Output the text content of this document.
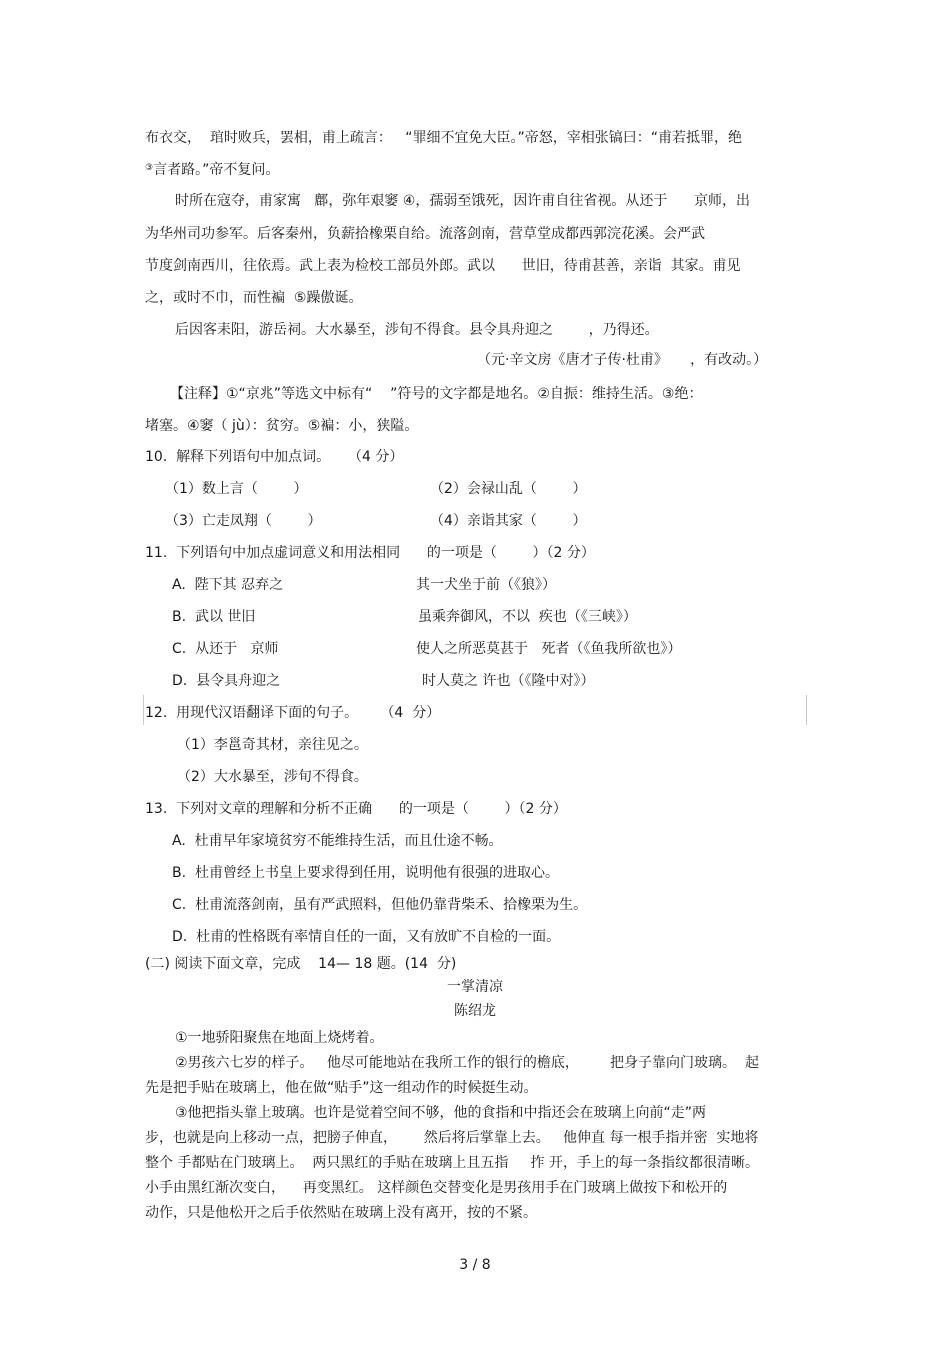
布衣交，  琯时败兵，罢相，甫上疏言：   “罪细不宜免大臣。”帝怒，宰相张镐曰：“甫若抵罪，绝
③言者路。”帝不复问。
时所在寇夺，甫家寓   鄜，弥年艰窭 ④，孺弱至饿死，因许甫自往省视。从还于      京师，出
为华州司功参军。后客秦州，负薪拾橡栗自给。流落剑南，营草堂成都西郭浣花溪。会严武
节度剑南西川，往依焉。武上表为检校工部员外郎。武以      世旧，待甫甚善，亲诣  其家。甫见
之，或时不巾，而性褊  ⑤躁傲诞。
后因客耒阳，游岳祠。大水暴至，涉旬不得食。县令具舟迎之        ，乃得还。
（元·辛文房《唐才子传·杜甫》     ，有改动。）
【注释】①“京兆”等选文中标有“    ”符号的文字都是地名。②自振：维持生活。③绝：
堵塞。④窭（ jù）：贫穷。⑤褊：小，狭隘。
10.  解释下列语句中加点词。    （4 分）
（1）数上言（        ）	（2）会禄山乱（        ）
（3）亡走凤翔（        ）	（4）亲诣其家（        ）
11.  下列语句中加点虚词意义和用法相同      的一项是（        ）（2 分）
A.  陛下其 忍弃之	其一犬坐于前（《狼》）
B.  武以 世旧	虽乘奔御风，不以  疾也（《三峡》）
C.  从还于   京师	使人之所恶莫甚于   死者（《鱼我所欲也》）
D.  县令具舟迎之	时人莫之 许也（《隆中对》）
12.  用现代汉语翻译下面的句子。     （4  分）
（1）李邕奇其材，亲往见之。
（2）大水暴至，涉旬不得食。
13.  下列对文章的理解和分析不正确      的一项是（        ）（2 分）
A.  杜甫早年家境贫穷不能维持生活，而且仕途不畅。
B.  杜甫曾经上书皇上要求得到任用，说明他有很强的进取心。
C.  杜甫流落剑南，虽有严武照料，但他仍靠背柴禾、拾橡栗为生。
D.  杜甫的性格既有率情自任的一面，又有放旷不自检的一面。
(二) 阅读下面文章，完成    14— 18 题。(14  分)
一掌清凉
陈绍龙
①一地骄阳聚焦在地面上烧烤着。
②男孩六七岁的样子。   他尽可能地站在我所工作的银行的檐底，       把身子靠向门玻璃。  起
先是把手贴在玻璃上，他在做“贴手”这一组动作的时候挺生动。
③他把指头靠上玻璃。也许是觉着空间不够，他的食指和中指还会在玻璃上向前“走”两
步，也就是向上移动一点，把膀子伸直，      然后将后掌靠上去。   他伸直 每一根手指并密  实地将
整个 手都贴在门玻璃上。  两只黑红的手贴在玻璃上且五指     拃 开，手上的每一条指纹都很清晰。
小手由黑红渐次变白，    再变黑红。 这样颜色交替变化是男孩用手在门玻璃上做按下和松开的
动作，只是他松开之后手依然贴在玻璃上没有离开，按的不紧。
3 / 8
